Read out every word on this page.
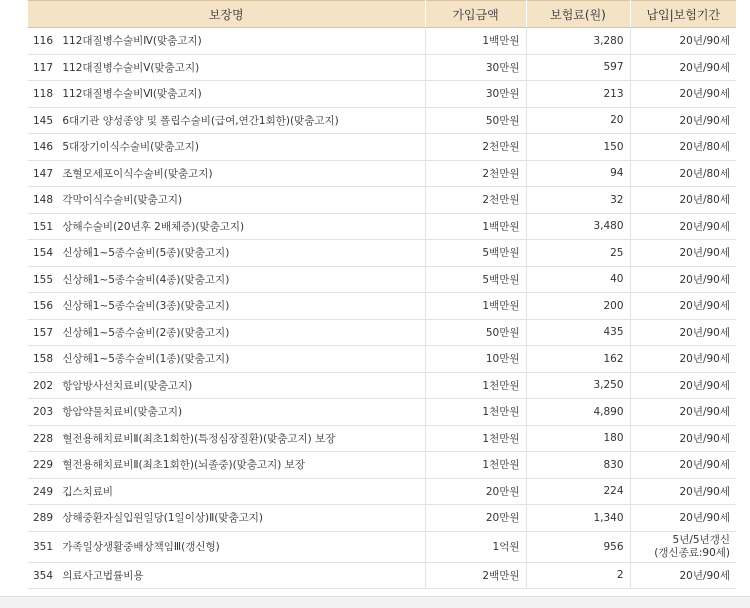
보장명	가입금액	보험료(원)	납입|보험기간
116 112대질병수술비Ⅳ(맞춤고지)	1백만원	3,280	20년/90세
117 112대질병수술비Ⅴ(맞춤고지)	30만원	597	20년/90세
118 112대질병수술비Ⅵ(맞춤고지)	30만원	213	20년/90세
145 6대기관 양성종양 및 폴립수술비(급여,연간1회한)(맞춤고지)	50만원	20	20년/90세
146 5대장기이식수술비(맞춤고지)	2천만원	150	20년/80세
147 조혈모세포이식수술비(맞춤고지)	2천만원	94	20년/80세
148 각막이식수술비(맞춤고지)	2천만원	32	20년/80세
151 상해수술비(20년후 2배체증)(맞춤고지)	1백만원	3,480	20년/90세
154 신상해1~5종수술비(5종)(맞춤고지)	5백만원	25	20년/90세
155 신상해1~5종수술비(4종)(맞춤고지)	5백만원	40	20년/90세
156 신상해1~5종수술비(3종)(맞춤고지)	1백만원	200	20년/90세
157 신상해1~5종수술비(2종)(맞춤고지)	50만원	435	20년/90세
158 신상해1~5종수술비(1종)(맞춤고지)	10만원	162	20년/90세
202 항암방사선치료비(맞춤고지)	1천만원	3,250	20년/90세
203 항암약물치료비(맞춤고지)	1천만원	4,890	20년/90세
228 혈전용해치료비Ⅱ(최초1회한)(특정심장질환)(맞춤고지) 보장	1천만원	180	20년/90세
229 혈전용해치료비Ⅱ(최초1회한)(뇌졸중)(맞춤고지) 보장	1천만원	830	20년/90세
249 깁스치료비	20만원	224	20년/90세
289 상해중환자실입원일당(1일이상)Ⅱ(맞춤고지)	20만원	1,340	20년/90세
351 가족일상생활중배상책임Ⅲ(갱신형)	1억원	956	5년/5년갱신
(갱신종료:90세)

354 의료사고법률비용	2백만원	2	20년/90세
